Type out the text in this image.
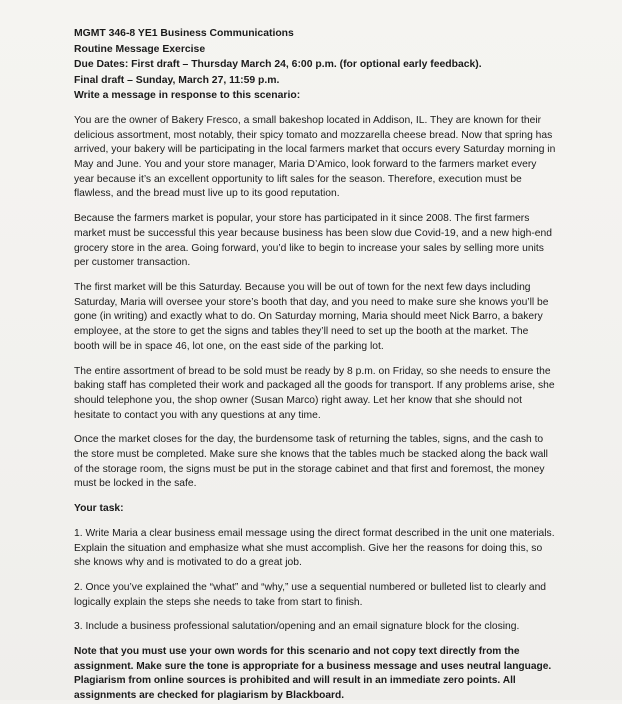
MGMT 346-8 YE1 Business Communications

Routine Message Exercise

Due Dates: First draft – Thursday March 24, 6:00 p.m. (for optional early feedback).

Final draft – Sunday, March 27, 11:59 p.m.

Write a message in response to this scenario:

You are the owner of Bakery Fresco, a small bakeshop located in Addison, IL. They are known for their delicious assortment, most notably, their spicy tomato and mozzarella cheese bread. Now that spring has arrived, your bakery will be participating in the local farmers market that occurs every Saturday morning in May and June. You and your store manager, Maria D’Amico, look forward to the farmers market every year because it’s an excellent opportunity to lift sales for the season. Therefore, execution must be flawless, and the bread must live up to its good reputation.

Because the farmers market is popular, your store has participated in it since 2008. The first farmers market must be successful this year because business has been slow due Covid-19, and a new high-end grocery store in the area. Going forward, you’d like to begin to increase your sales by selling more units per customer transaction.

The first market will be this Saturday. Because you will be out of town for the next few days including Saturday, Maria will oversee your store’s booth that day, and you need to make sure she knows you’ll be gone (in writing) and exactly what to do. On Saturday morning, Maria should meet Nick Barro, a bakery employee, at the store to get the signs and tables they’ll need to set up the booth at the market. The booth will be in space 46, lot one, on the east side of the parking lot.

The entire assortment of bread to be sold must be ready by 8 p.m. on Friday, so she needs to ensure the baking staff has completed their work and packaged all the goods for transport. If any problems arise, she should telephone you, the shop owner (Susan Marco) right away. Let her know that she should not hesitate to contact you with any questions at any time.

Once the market closes for the day, the burdensome task of returning the tables, signs, and the cash to the store must be completed. Make sure she knows that the tables much be stacked along the back wall of the storage room, the signs must be put in the storage cabinet and that first and foremost, the money must be locked in the safe.

Your task:

1. Write Maria a clear business email message using the direct format described in the unit one materials. Explain the situation and emphasize what she must accomplish. Give her the reasons for doing this, so she knows why and is motivated to do a great job.

2. Once you’ve explained the “what” and “why,” use a sequential numbered or bulleted list to clearly and logically explain the steps she needs to take from start to finish.

3. Include a business professional salutation/opening and an email signature block for the closing.

Note that you must use your own words for this scenario and not copy text directly from the assignment. Make sure the tone is appropriate for a business message and uses neutral language. Plagiarism from online sources is prohibited and will result in an immediate zero points. All assignments are checked for plagiarism by Blackboard.
